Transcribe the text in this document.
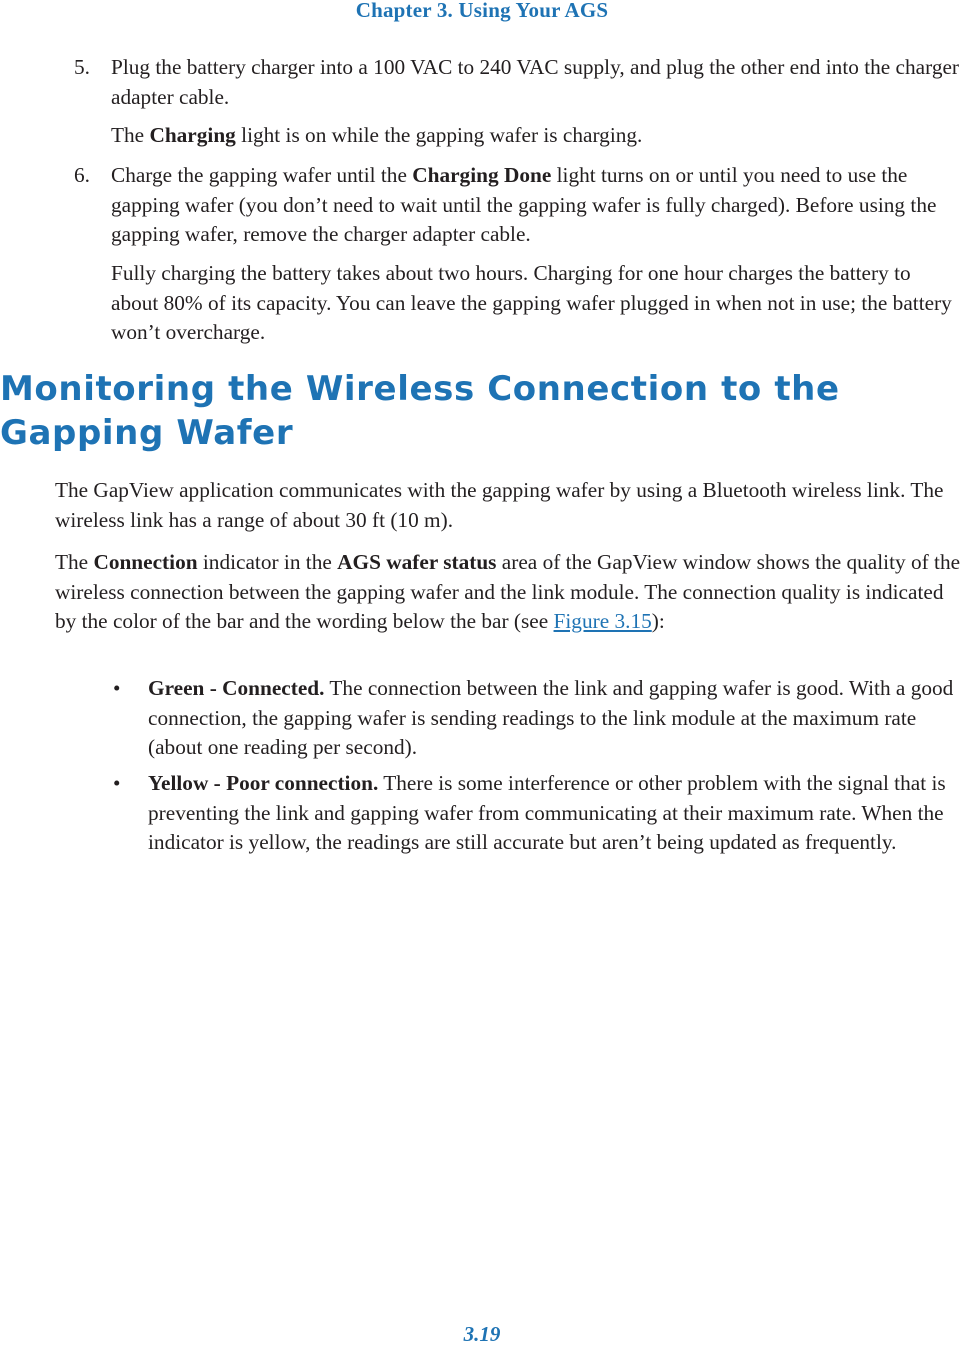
Chapter 3. Using Your AGS
5. Plug the battery charger into a 100 VAC to 240 VAC supply, and plug the other end into the charger adapter cable.

The Charging light is on while the gapping wafer is charging.

6. Charge the gapping wafer until the Charging Done light turns on or until you need to use the gapping wafer (you don’t need to wait until the gapping wafer is fully charged). Before using the gapping wafer, remove the charger adapter cable.

Fully charging the battery takes about two hours. Charging for one hour charges the battery to about 80% of its capacity. You can leave the gapping wafer plugged in when not in use; the battery won’t overcharge.

Monitoring the Wireless Connection to the Gapping Wafer

The GapView application communicates with the gapping wafer by using a Bluetooth wireless link. The wireless link has a range of about 30 ft (10 m).

The Connection indicator in the AGS wafer status area of the GapView window shows the quality of the wireless connection between the gapping wafer and the link module. The connection quality is indicated by the color of the bar and the wording below the bar (see Figure 3.15):

• Green - Connected. The connection between the link and gapping wafer is good. With a good connection, the gapping wafer is sending readings to the link module at the maximum rate (about one reading per second).

• Yellow - Poor connection. There is some interference or other problem with the signal that is preventing the link and gapping wafer from communicating at their maximum rate. When the indicator is yellow, the readings are still accurate but aren’t being updated as frequently.

3.19
